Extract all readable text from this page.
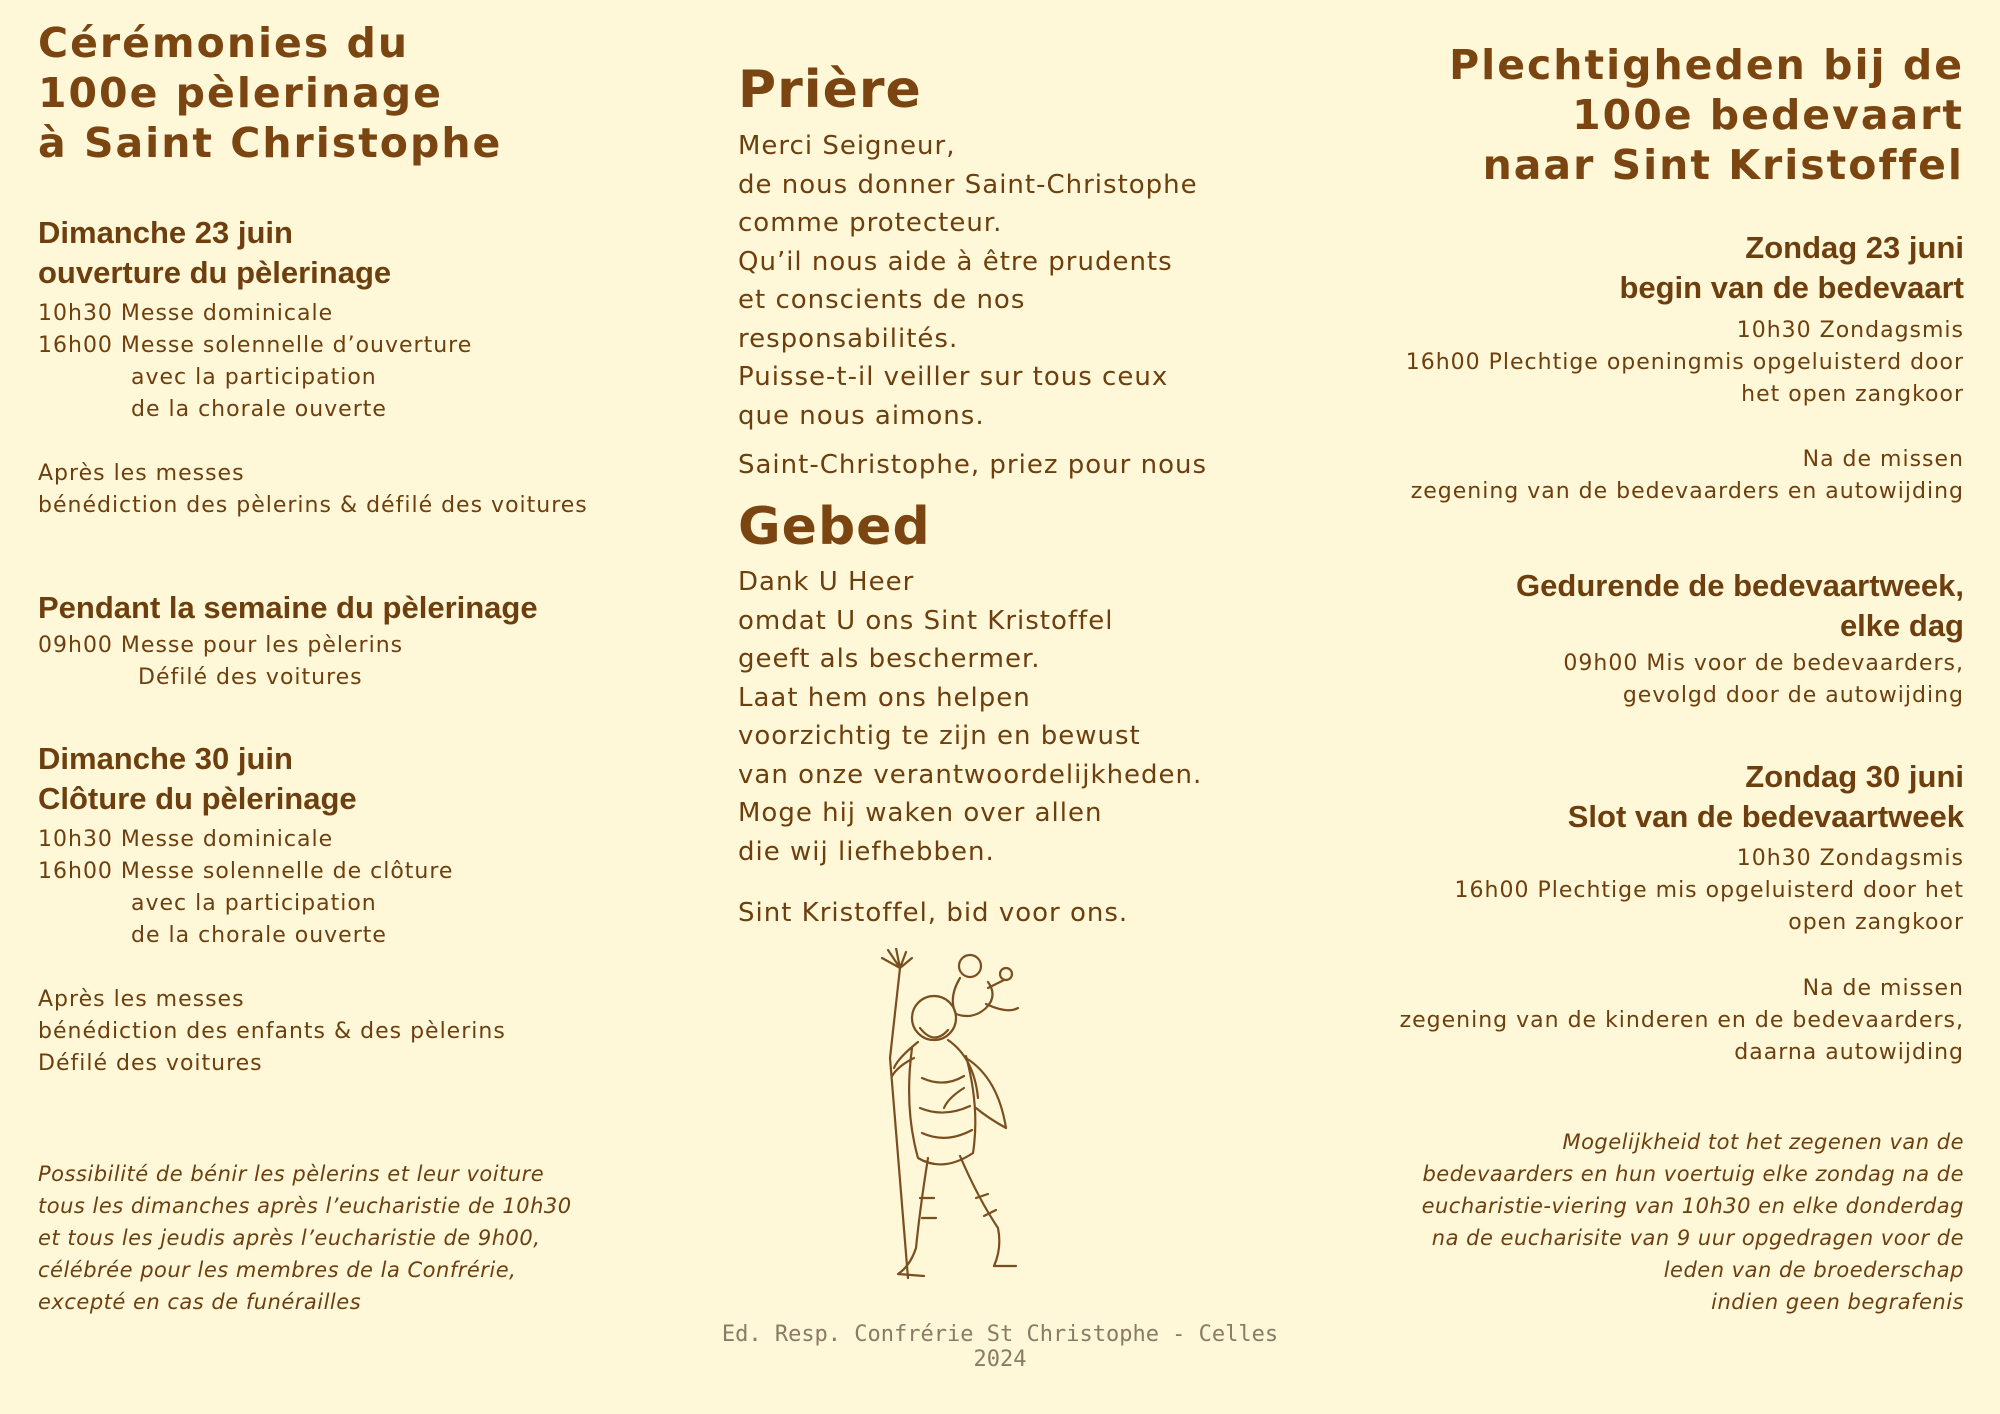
Cérémonies du
100e pèlerinage
à Saint Christophe

Dimanche 23 juin
ouverture du pèlerinage

10h30 Messe dominicale

16h00 Messe solennelle d’ouverture

avec la participation
de la chorale ouverte

Après les messes
bénédiction des pèlerins & défilé des voitures

Pendant la semaine du pèlerinage

09h00 Messe pour les pèlerins

Défilé des voitures

Dimanche 30 juin
Clôture du pèlerinage

10h30 Messe dominicale

16h00 Messe solennelle de clôture

avec la participation
de la chorale ouverte

Après les messes
bénédiction des enfants & des pèlerins
Défilé des voitures

Possibilité de bénir les pèlerins et leur voiture
tous les dimanches après l’eucharistie de 10h30
et tous les jeudis après l’eucharistie de 9h00,
célébrée pour les membres de la Confrérie,
excepté en cas de funérailles

Prière

Merci Seigneur,
de nous donner Saint-Christophe
comme protecteur.
Qu’il nous aide à être prudents
et conscients de nos
responsabilités.
Puisse-t-il veiller sur tous ceux
que nous aimons.

Saint-Christophe, priez pour nous

Gebed

Dank U Heer
omdat U ons Sint Kristoffel
geeft als beschermer.
Laat hem ons helpen
voorzichtig te zijn en bewust
van onze verantwoordelijkheden.
Moge hij waken over allen
die wij liefhebben.

Sint Kristoffel, bid voor ons.

Ed. Resp. Confrérie St Christophe - Celles 2024

Plechtigheden bij de
100e bedevaart
naar Sint Kristoffel

Zondag 23 juni
begin van de bedevaart

10h30 Zondagsmis
16h00 Plechtige openingmis opgeluisterd door
het open zangkoor

Na de missen
zegening van de bedevaarders en autowijding

Gedurende de bedevaartweek,
elke dag

09h00 Mis voor de bedevaarders,
gevolgd door de autowijding

Zondag 30 juni
Slot van de bedevaartweek

10h30 Zondagsmis
16h00 Plechtige mis opgeluisterd door het
open zangkoor

Na de missen
zegening van de kinderen en de bedevaarders,
daarna autowijding

Mogelijkheid tot het zegenen van de
bedevaarders en hun voertuig elke zondag na de
eucharistie-viering van 10h30 en elke donderdag
na de eucharisite van 9 uur opgedragen voor de
leden van de broederschap
indien geen begrafenis
